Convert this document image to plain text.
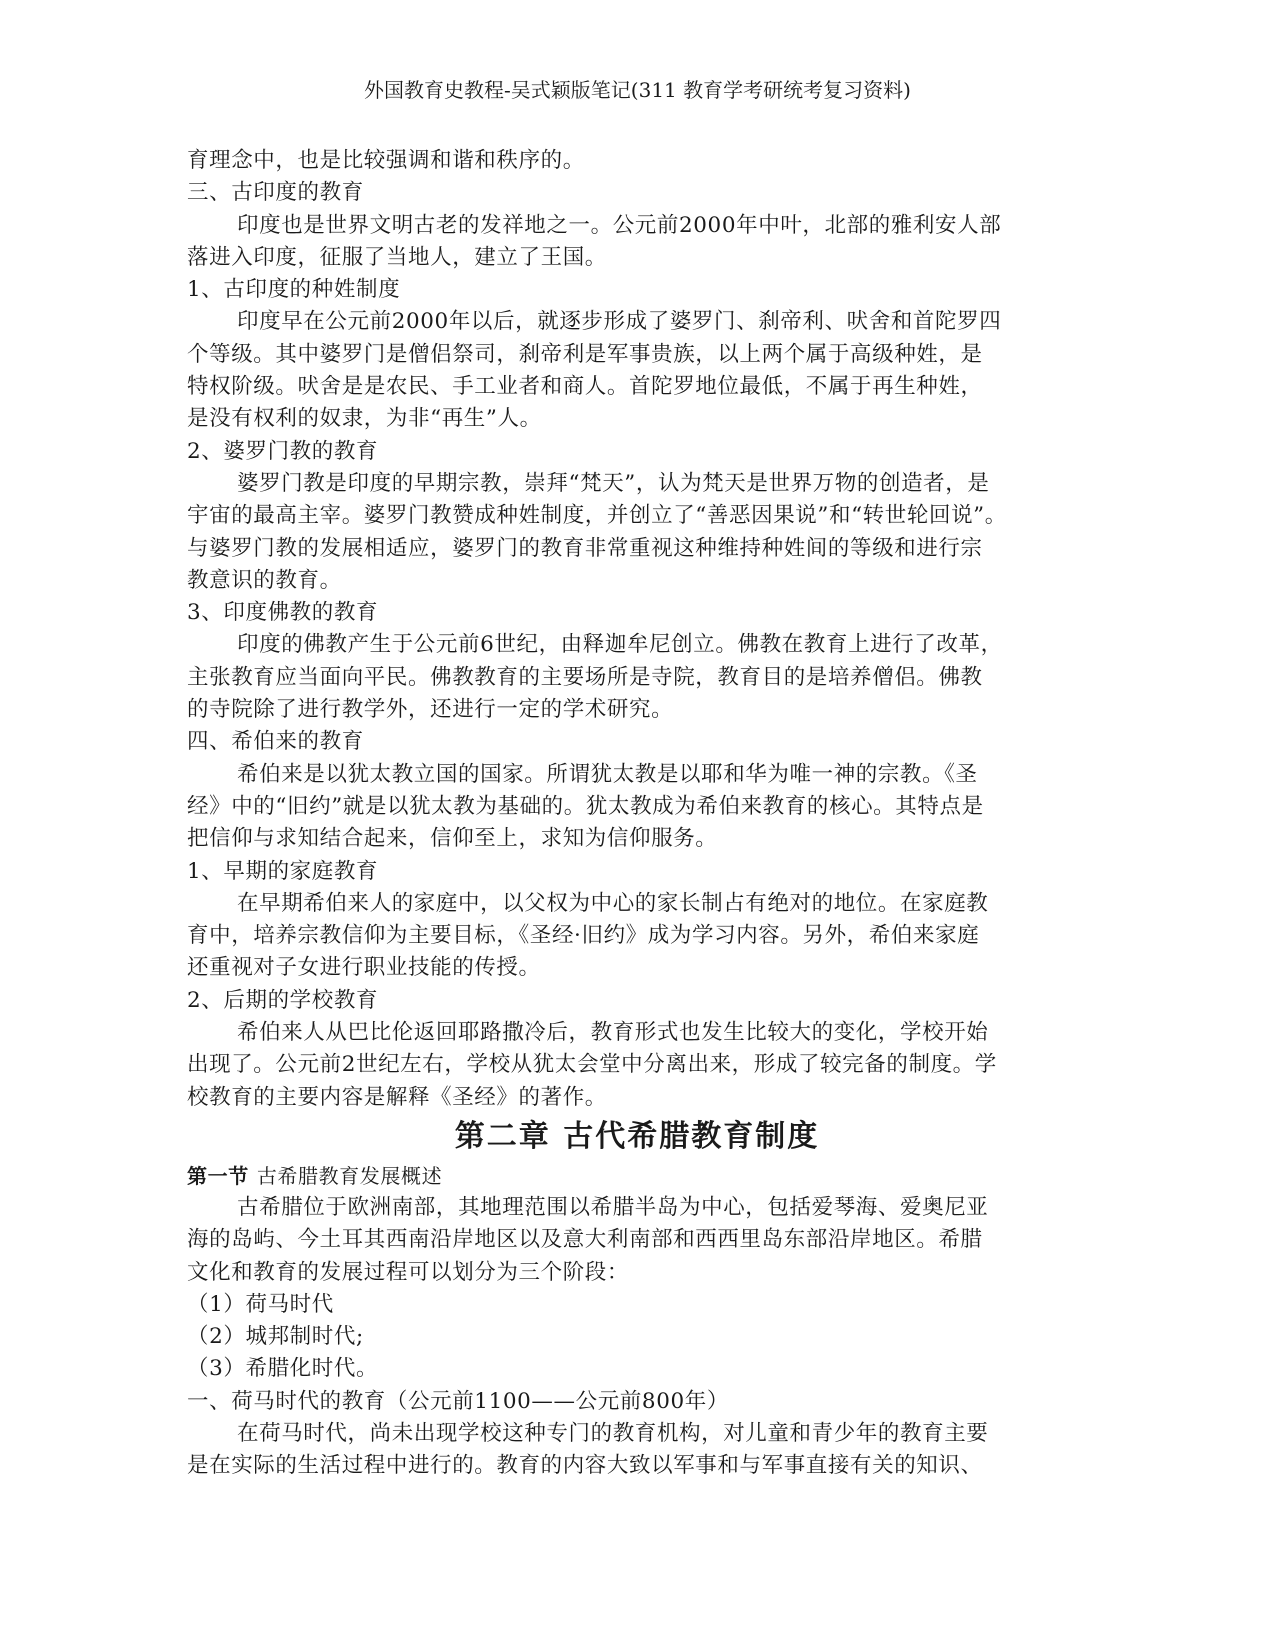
外国教育史教程-吴式颖版笔记(311 教育学考研统考复习资料)
育理念中，也是比较强调和谐和秩序的。
三、古印度的教育
印度也是世界文明古老的发祥地之一。公元前2000年中叶，北部的雅利安人部
落进入印度，征服了当地人，建立了王国。
1、古印度的种姓制度
印度早在公元前2000年以后，就逐步形成了婆罗门、刹帝利、吠舍和首陀罗四
个等级。其中婆罗门是僧侣祭司，刹帝利是军事贵族，以上两个属于高级种姓，是
特权阶级。吠舍是是农民、手工业者和商人。首陀罗地位最低，不属于再生种姓，
是没有权利的奴隶，为非“再生”人。
2、婆罗门教的教育
婆罗门教是印度的早期宗教，崇拜“梵天”，认为梵天是世界万物的创造者，是
宇宙的最高主宰。婆罗门教赞成种姓制度，并创立了“善恶因果说”和“转世轮回说”。
与婆罗门教的发展相适应，婆罗门的教育非常重视这种维持种姓间的等级和进行宗
教意识的教育。
3、印度佛教的教育
印度的佛教产生于公元前6世纪，由释迦牟尼创立。佛教在教育上进行了改革，
主张教育应当面向平民。佛教教育的主要场所是寺院，教育目的是培养僧侣。佛教
的寺院除了进行教学外，还进行一定的学术研究。
四、希伯来的教育
希伯来是以犹太教立国的国家。所谓犹太教是以耶和华为唯一神的宗教。《圣
经》中的“旧约”就是以犹太教为基础的。犹太教成为希伯来教育的核心。其特点是
把信仰与求知结合起来，信仰至上，求知为信仰服务。
1、早期的家庭教育
在早期希伯来人的家庭中，以父权为中心的家长制占有绝对的地位。在家庭教
育中，培养宗教信仰为主要目标，《圣经·旧约》成为学习内容。另外，希伯来家庭
还重视对子女进行职业技能的传授。
2、后期的学校教育
希伯来人从巴比伦返回耶路撒冷后，教育形式也发生比较大的变化，学校开始
出现了。公元前2世纪左右，学校从犹太会堂中分离出来，形成了较完备的制度。学
校教育的主要内容是解释《圣经》的著作。
第二章 古代希腊教育制度
第一节 古希腊教育发展概述
古希腊位于欧洲南部，其地理范围以希腊半岛为中心，包括爱琴海、爱奥尼亚
海的岛屿、今土耳其西南沿岸地区以及意大利南部和西西里岛东部沿岸地区。希腊
文化和教育的发展过程可以划分为三个阶段：
（1）荷马时代
（2）城邦制时代;
（3）希腊化时代。
一、荷马时代的教育（公元前1100——公元前800年）
在荷马时代，尚未出现学校这种专门的教育机构，对儿童和青少年的教育主要
是在实际的生活过程中进行的。教育的内容大致以军事和与军事直接有关的知识、
